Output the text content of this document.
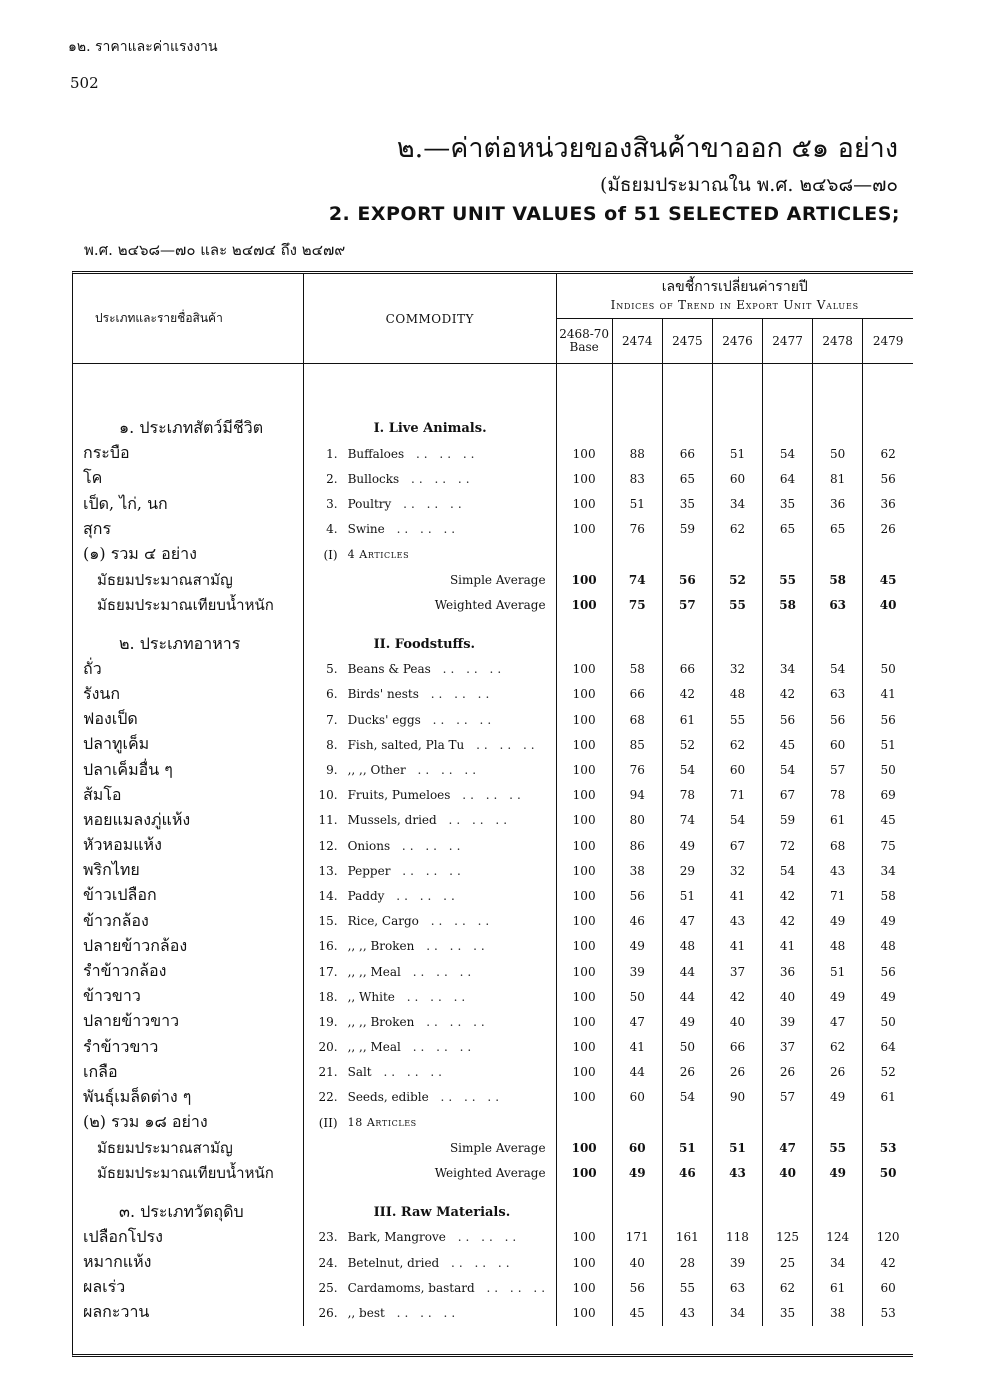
๑๒. ราคาและค่าแรงงาน
502
๒.—ค่าต่อหน่วยของสินค้าขาออก ๕๑ อย่าง
(มัธยมประมาณใน พ.ศ. ๒๔๖๘—๗๐
2. EXPORT UNIT VALUES of 51 SELECTED ARTICLES;
พ.ศ. ๒๔๖๘—๗๐ และ ๒๔๗๔ ถึง ๒๔๗๙
ประเภทและรายชื่อสินค้า	COMMODITY		เลขชี้การเปลี่ยนค่ารายปี
Indices of Trend in Export Unit Values						

			2468-70 Base	2474	2475	2476	2477	2478	2479

๑. ประเภทสัตว์มีชีวิต		I. Live Animals.							
กระบือ	1.	Buffaloes .. .. ..	100	88	66	51	54	50	62
โค	2.	Bullocks .. .. ..	100	83	65	60	64	81	56
เป็ด, ไก่, นก	3.	Poultry .. .. ..	100	51	35	34	35	36	36
สุกร	4.	Swine .. .. ..	100	76	59	62	65	65	26
(๑) รวม ๔ อย่าง	(I)	4 Articles							
มัธยมประมาณสามัญ		Simple Average	100	74	56	52	55	58	45
มัธยมประมาณเทียบน้ำหนัก		Weighted Average	100	75	57	55	58	63	40

๒. ประเภทอาหาร		II. Foodstuffs.							
ถั่ว	5.	Beans & Peas .. .. ..	100	58	66	32	34	54	50
รังนก	6.	Birds' nests .. .. ..	100	66	42	48	42	63	41
ฟองเป็ด	7.	Ducks' eggs .. .. ..	100	68	61	55	56	56	56
ปลาทูเค็ม	8.	Fish, salted, Pla Tu .. .. ..	100	85	52	62	45	60	51
ปลาเค็มอื่น ๆ	9.	,, ,, Other .. .. ..	100	76	54	60	54	57	50
ส้มโอ	10.	Fruits, Pumeloes .. .. ..	100	94	78	71	67	78	69
หอยแมลงภู่แห้ง	11.	Mussels, dried .. .. ..	100	80	74	54	59	61	45
หัวหอมแห้ง	12.	Onions .. .. ..	100	86	49	67	72	68	75
พริกไทย	13.	Pepper .. .. ..	100	38	29	32	54	43	34
ข้าวเปลือก	14.	Paddy .. .. ..	100	56	51	41	42	71	58
ข้าวกล้อง	15.	Rice, Cargo .. .. ..	100	46	47	43	42	49	49
ปลายข้าวกล้อง	16.	,, ,, Broken .. .. ..	100	49	48	41	41	48	48
รำข้าวกล้อง	17.	,, ,, Meal .. .. ..	100	39	44	37	36	51	56
ข้าวขาว	18.	,, White .. .. ..	100	50	44	42	40	49	49
ปลายข้าวขาว	19.	,, ,, Broken .. .. ..	100	47	49	40	39	47	50
รำข้าวขาว	20.	,, ,, Meal .. .. ..	100	41	50	66	37	62	64
เกลือ	21.	Salt .. .. ..	100	44	26	26	26	26	52
พันธุ์เมล็ดต่าง ๆ	22.	Seeds, edible .. .. ..	100	60	54	90	57	49	61
(๒) รวม ๑๘ อย่าง	(II)	18 Articles							
มัธยมประมาณสามัญ		Simple Average	100	60	51	51	47	55	53
มัธยมประมาณเทียบน้ำหนัก		Weighted Average	100	49	46	43	40	49	50

๓. ประเภทวัตถุดิบ		III. Raw Materials.							
เปลือกโปรง	23.	Bark, Mangrove .. .. ..	100	171	161	118	125	124	120
หมากแห้ง	24.	Betelnut, dried .. .. ..	100	40	28	39	25	34	42
ผลเร่ว	25.	Cardamoms, bastard .. .. ..	100	56	55	63	62	61	60
ผลกะวาน	26.	,, best .. .. ..	100	45	43	34	35	38	53
